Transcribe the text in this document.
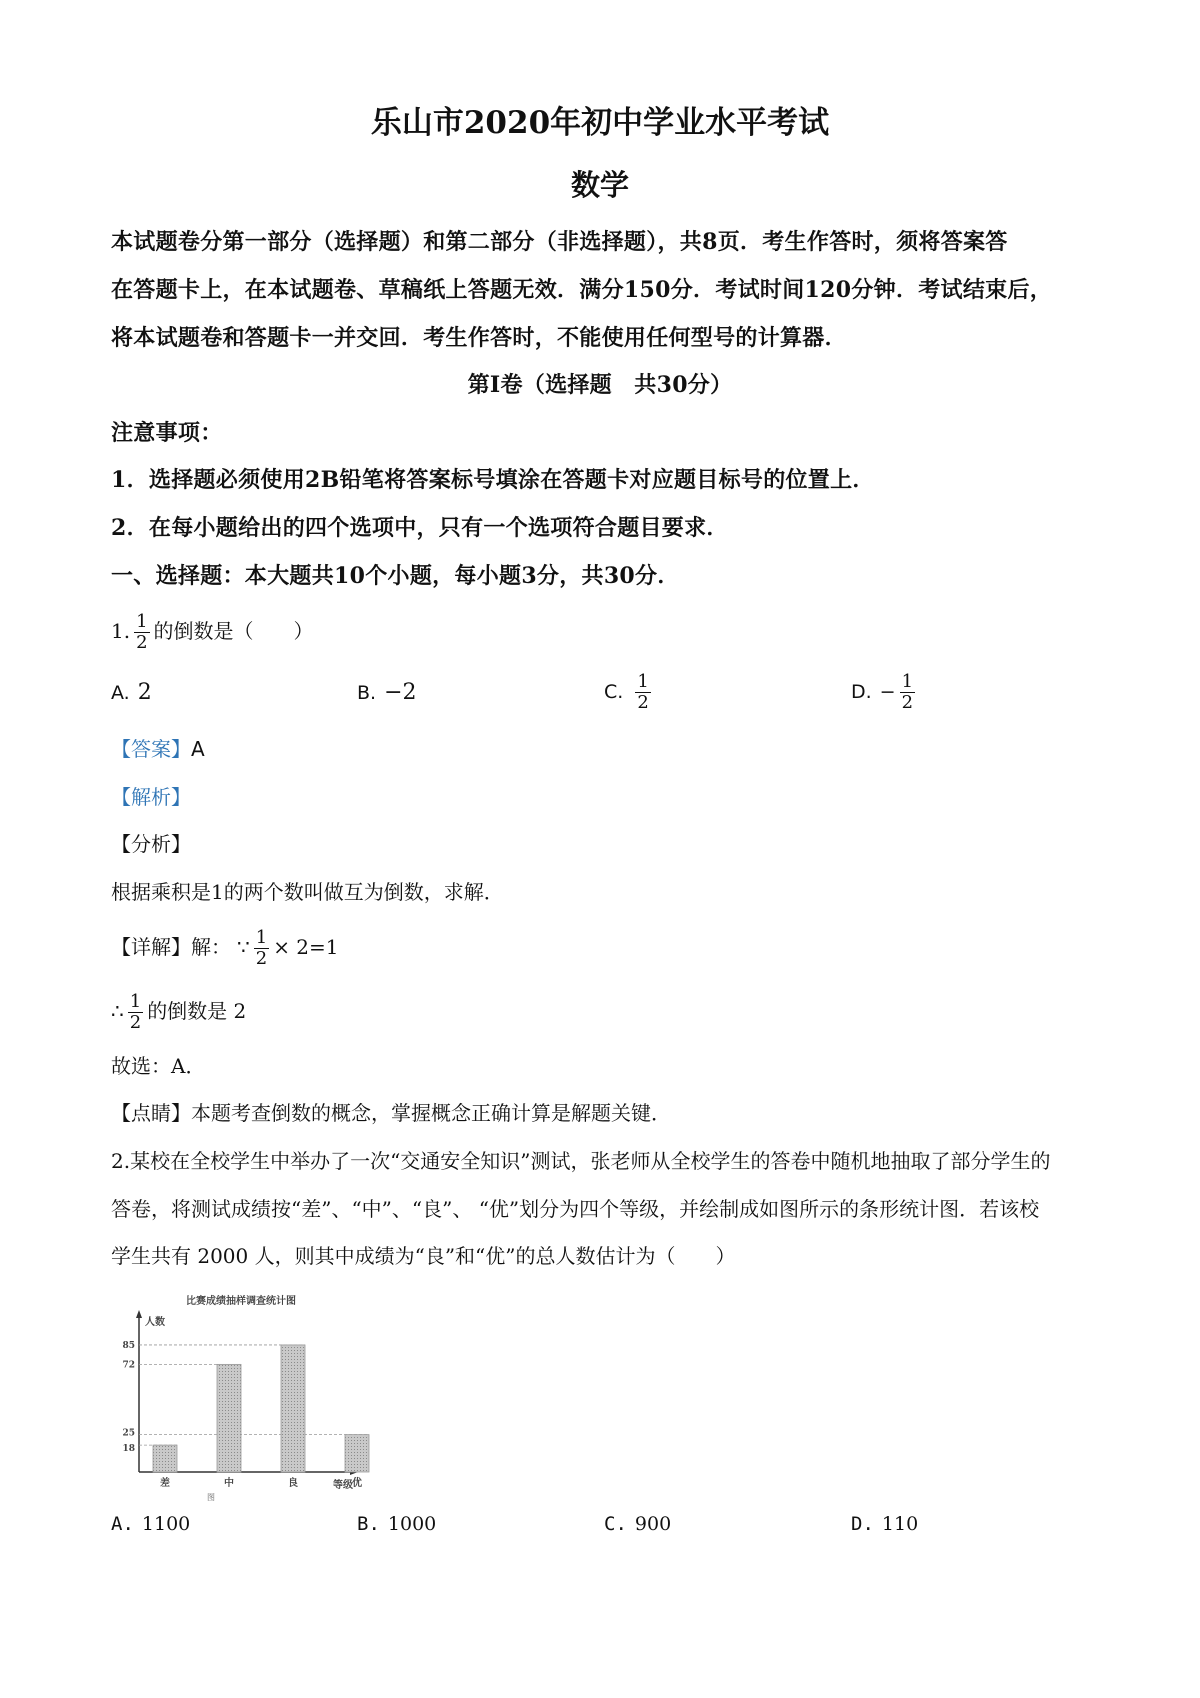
乐山市2020年初中学业水平考试
数学
本试题卷分第一部分（选择题）和第二部分（非选择题），共8页．考生作答时，须将答案答
在答题卡上，在本试题卷、草稿纸上答题无效．满分150分．考试时间120分钟．考试结束后，
将本试题卷和答题卡一并交回．考生作答时，不能使用任何型号的计算器．
第Ⅰ卷（选择题　共30分）
注意事项：
1．选择题必须使用2B铅笔将答案标号填涂在答题卡对应题目标号的位置上．
2．在每小题给出的四个选项中，只有一个选项符合题目要求．
一、选择题：本大题共10个小题，每小题3分，共30分．
1. $\frac{1}{2}$ 的倒数是（　　）
A. 2	B. −2	C. $\frac{1}{2}$	D. − $\frac{1}{2}$
【答案】A
【解析】
【分析】
根据乘积是1的两个数叫做互为倒数，求解．
【详解】解： ∵ $\frac{1}{2} \times 2=1$
∴ $\frac{1}{2}$ 的倒数是 2
故选：A．
【点睛】本题考查倒数的概念，掌握概念正确计算是解题关键．
2.某校在全校学生中举办了一次“交通安全知识”测试，张老师从全校学生的答卷中随机地抽取了部分学生的
答卷，将测试成绩按“差”、“中”、“良”、 “优”划分为四个等级，并绘制成如图所示的条形统计图．若该校
学生共有 2000 人，则其中成绩为“良”和“优”的总人数估计为（　　）
比赛成绩抽样调查统计图
人数
等级
图
18
25
72
85
差	中	良	优
A. 1100	B. 1000	C. 900	D. 110
